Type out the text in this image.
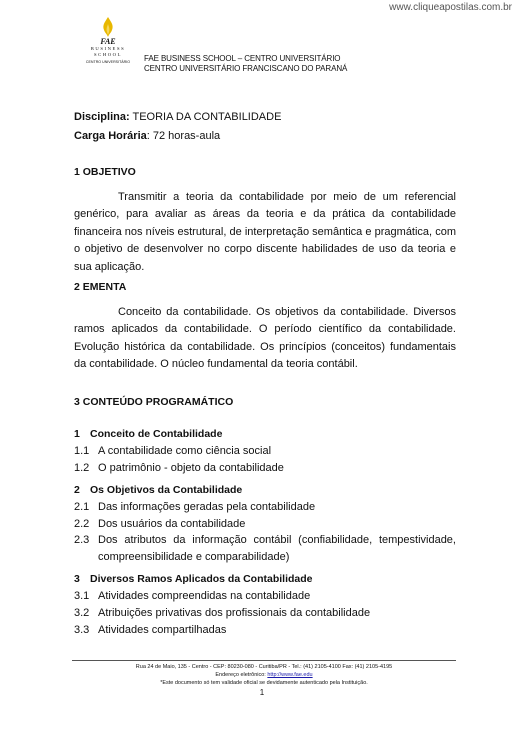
www.cliqueapostilas.com.br
FAE
BUSINESS
SCHOOL
CENTRO UNIVERSITÁRIO	FAE BUSINESS SCHOOL – CENTRO UNIVERSITÁRIO
CENTRO UNIVERSITÁRIO FRANCISCANO DO PARANÁ
Disciplina: TEORIA DA CONTABILIDADE
Carga Horária: 72 horas-aula
1 OBJETIVO
Transmitir a teoria da contabilidade por meio de um referencial genérico, para avaliar as áreas da teoria e da prática da contabilidade financeira nos níveis estrutural, de interpretação semântica e pragmática, com o objetivo de desenvolver no corpo discente habilidades de uso da teoria e sua aplicação.
2 EMENTA
Conceito da contabilidade. Os objetivos da contabilidade. Diversos ramos aplicados da contabilidade. O período científico da contabilidade. Evolução histórica da contabilidade. Os princípios (conceitos) fundamentais da contabilidade. O núcleo fundamental da teoria contábil.
3 CONTEÚDO PROGRAMÁTICO
1 Conceito de Contabilidade
1.1 A contabilidade como ciência social
1.2 O patrimônio - objeto da contabilidade
2 Os Objetivos da Contabilidade
2.1 Das informações geradas pela contabilidade
2.2 Dos usuários da contabilidade
2.3 Dos atributos da informação contábil (confiabilidade, tempestividade, compreensibilidade e comparabilidade)
3 Diversos Ramos Aplicados da Contabilidade
3.1 Atividades compreendidas na contabilidade
3.2 Atribuições privativas dos profissionais da contabilidade
3.3 Atividades compartilhadas
Rua 24 de Maio, 135 - Centro - CEP: 80230-080 - Curitiba/PR - Tel.: (41) 2105-4100 Fax: (41) 2105-4195
Endereço eletrônico: http://www.fae.edu
*Este documento só tem validade oficial se devidamente autenticado pela Instituição.
1
